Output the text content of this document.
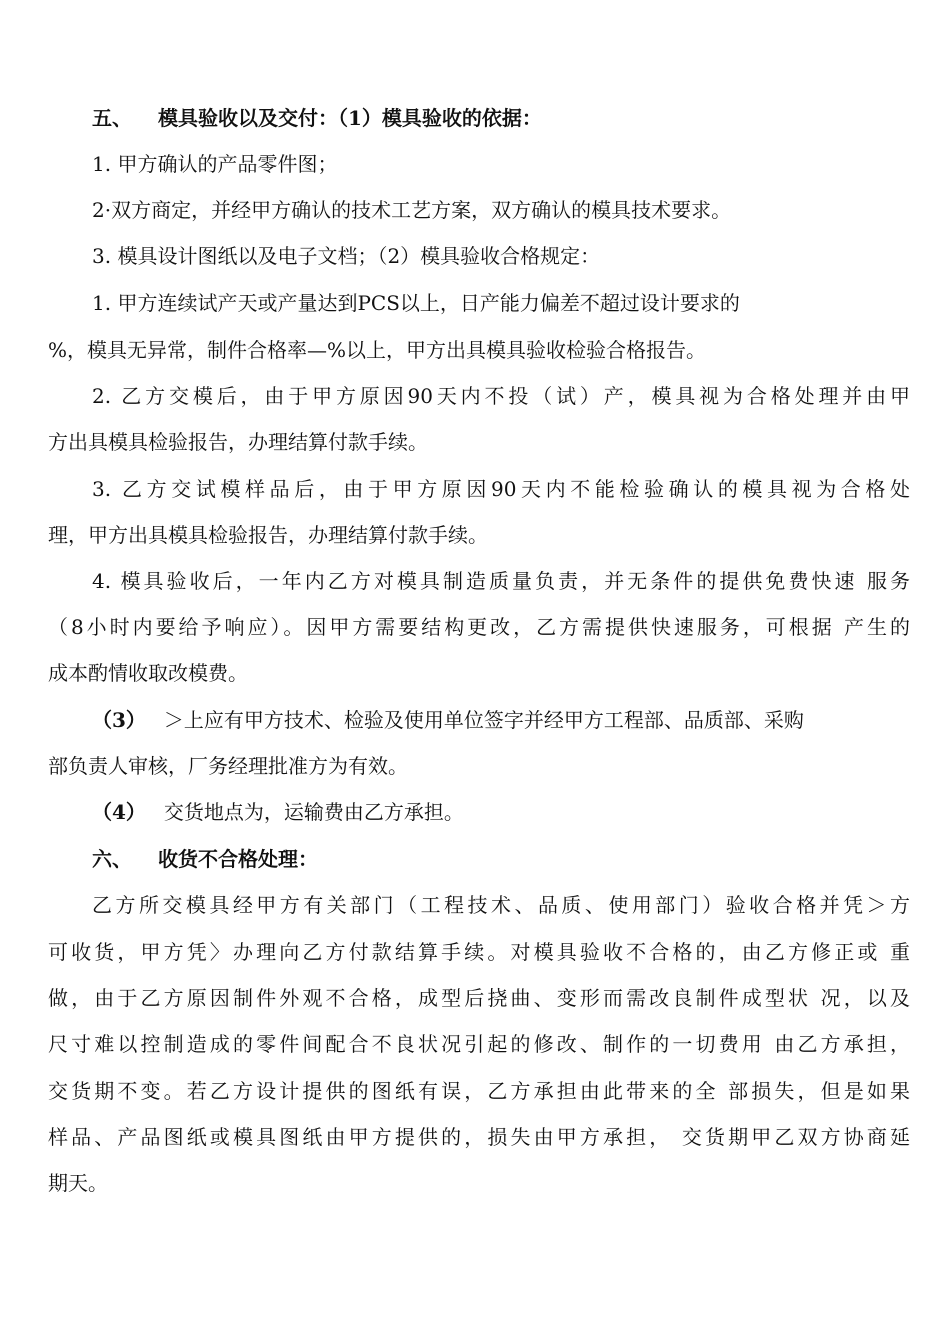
五、 模具验收以及交付：（1）模具验收的依据：
1. 甲方确认的产品零件图；
2·双方商定，并经甲方确认的技术工艺方案，双方确认的模具技术要求。
3. 模具设计图纸以及电子文档；（2）模具验收合格规定：
1. 甲方连续试产天或产量达到PCS以上，日产能力偏差不超过设计要求的
%，模具无异常，制件合格率—%以上，甲方出具模具验收检验合格报告。
2. 乙方交模后，由于甲方原因90天内不投（试）产，模具视为合格处理并由甲
方出具模具检验报告，办理结算付款手续。
3. 乙方交试模样品后，由于甲方原因90天内不能检验确认的模具视为合格处
理，甲方出具模具检验报告，办理结算付款手续。
4. 模具验收后，一年内乙方对模具制造质量负责，并无条件的提供免费快速 服务
（8小时内要给予响应）。因甲方需要结构更改，乙方需提供快速服务，可根据 产生的
成本酌情收取改模费。
（3） ＞上应有甲方技术、检验及使用单位签字并经甲方工程部、品质部、采购
部负责人审核，厂务经理批准方为有效。
（4） 交货地点为，运输费由乙方承担。
六、 收货不合格处理：
乙方所交模具经甲方有关部门（工程技术、品质、使用部门）验收合格并凭＞方
可收货，甲方凭〉办理向乙方付款结算手续。对模具验收不合格的，由乙方修正或 重
做，由于乙方原因制件外观不合格，成型后挠曲、变形而需改良制件成型状 况，以及
尺寸难以控制造成的零件间配合不良状况引起的修改、制作的一切费用 由乙方承担，
交货期不变。若乙方设计提供的图纸有误，乙方承担由此带来的全 部损失，但是如果
样品、产品图纸或模具图纸由甲方提供的，损失由甲方承担， 交货期甲乙双方协商延
期天。
